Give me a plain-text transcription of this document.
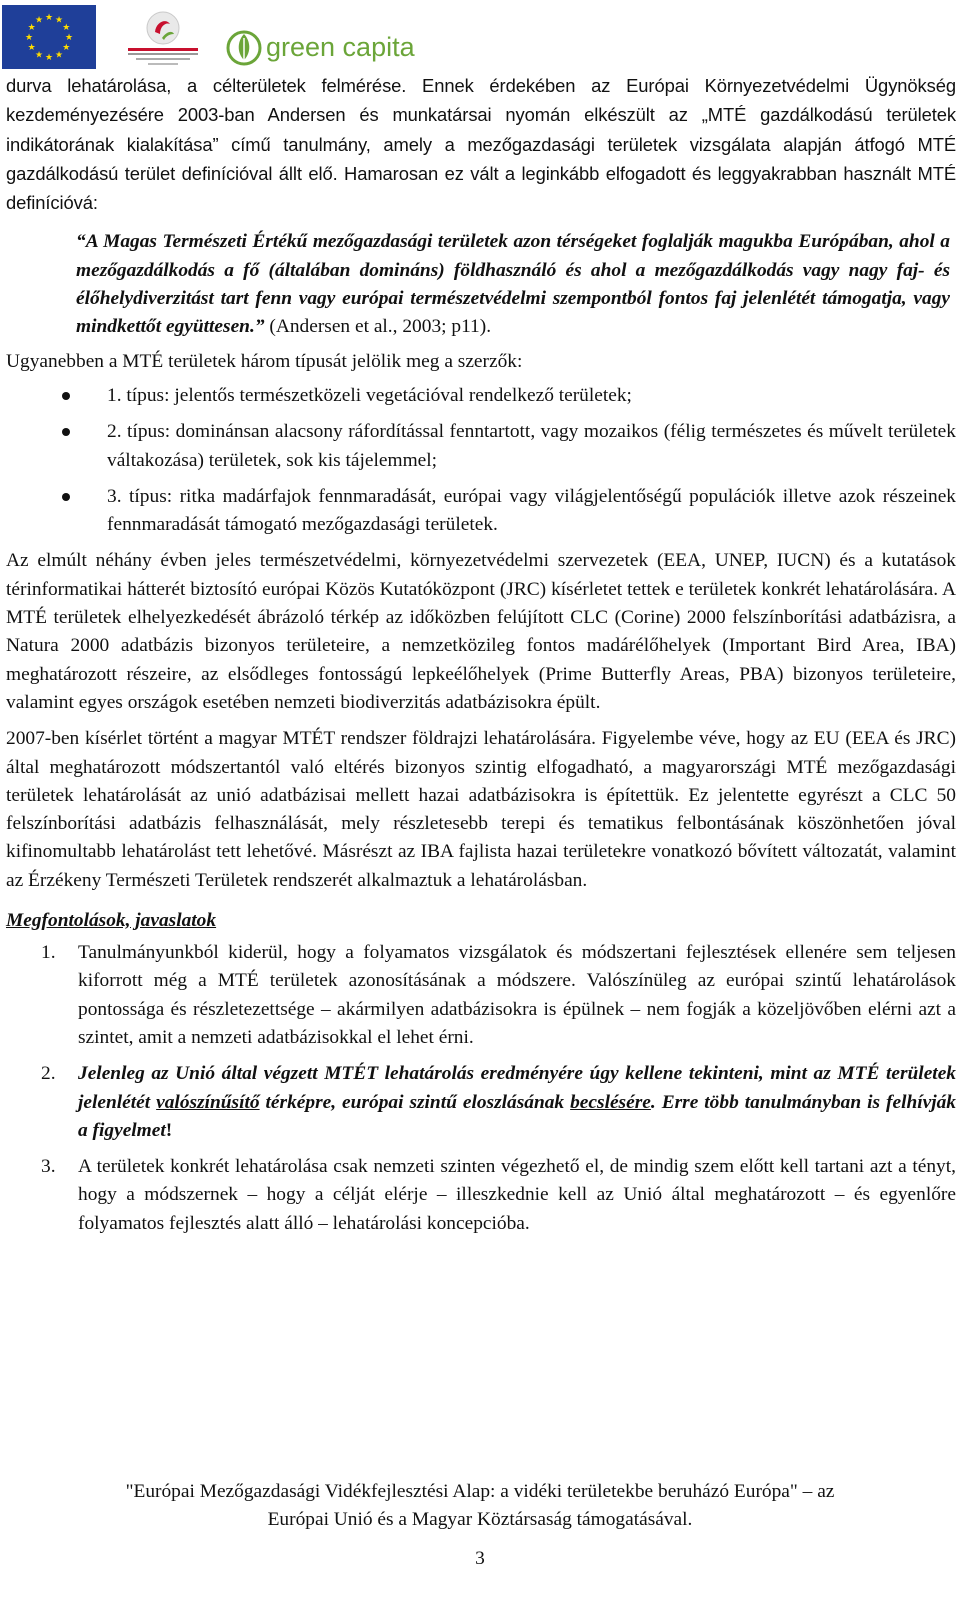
★
★
★
★
★
★
★
★
★ ★ ★
★
green capital

durva lehatárolása, a célterületek felmérése. Ennek érdekében az Európai Környezetvédelmi Ügynökség kezdeményezésére 2003-ban Andersen és munkatársai nyomán elkészült az „MTÉ gazdálkodású területek indikátorának kialakítása” című tanulmány, amely a mezőgazdasági területek vizsgálata alapján átfogó MTÉ gazdálkodású terület definícióval állt elő. Hamarosan ez vált a leginkább elfogadott és leggyakrabban használt MTÉ definícióvá:

“A Magas Természeti Értékű mezőgazdasági területek azon térségeket foglalják magukba Európában, ahol a mezőgazdálkodás a fő (általában domináns) földhasználó és ahol a mezőgazdálkodás vagy nagy faj- és élőhelydiverzitást tart fenn vagy európai természetvédelmi szempontból fontos faj jelenlétét támogatja, vagy mindkettőt együttesen.” (Andersen et al., 2003; p11).

Ugyanebben a MTÉ területek három típusát jelölik meg a szerzők:

1. típus: jelentős természetközeli vegetációval rendelkező területek;
2. típus: dominánsan alacsony ráfordítással fenntartott, vagy mozaikos (félig természetes és művelt területek váltakozása) területek, sok kis tájelemmel;
3. típus: ritka madárfajok fennmaradását, európai vagy világjelentőségű populációk illetve azok részeinek fennmaradását támogató mezőgazdasági területek.

Az elmúlt néhány évben jeles természetvédelmi, környezetvédelmi szervezetek (EEA, UNEP, IUCN) és a kutatások térinformatikai hátterét biztosító európai Közös Kutatóközpont (JRC) kísérletet tettek e területek konkrét lehatárolására. A MTÉ területek elhelyezkedését ábrázoló térkép az időközben felújított CLC (Corine) 2000 felszínborítási adatbázisra, a Natura 2000 adatbázis bizonyos területeire, a nemzetközileg fontos madárélőhelyek (Important Bird Area, IBA) meghatározott részeire, az elsődleges fontosságú lepkeélőhelyek (Prime Butterfly Areas, PBA) bizonyos területeire, valamint egyes országok esetében nemzeti biodiverzitás adatbázisokra épült.

2007-ben kísérlet történt a magyar MTÉT rendszer földrajzi lehatárolására. Figyelembe véve, hogy az EU (EEA és JRC) által meghatározott módszertantól való eltérés bizonyos szintig elfogadható, a magyarországi MTÉ mezőgazdasági területek lehatárolását az unió adatbázisai mellett hazai adatbázisokra is építettük. Ez jelentette egyrészt a CLC 50 felszínborítási adatbázis felhasználását, mely részletesebb terepi és tematikus felbontásának köszönhetően jóval kifinomultabb lehatárolást tett lehetővé. Másrészt az IBA fajlista hazai területekre vonatkozó bővített változatát, valamint az Érzékeny Természeti Területek rendszerét alkalmaztuk a lehatárolásban.

Megfontolások, javaslatok
1. Tanulmányunkból kiderül, hogy a folyamatos vizsgálatok és módszertani fejlesztések ellenére sem teljesen kiforrott még a MTÉ területek azonosításának a módszere. Valószínüleg az európai szintű lehatárolások pontossága és részletezettsége – akármilyen adatbázisokra is épülnek – nem fogják a közeljövőben elérni azt a szintet, amit a nemzeti adatbázisokkal el lehet érni.
2. Jelenleg az Unió által végzett MTÉT lehatárolás eredményére úgy kellene tekinteni, mint az MTÉ területek jelenlétét valószínűsítő térképre, európai szintű eloszlásának becslésére. Erre több tanulmányban is felhívják a figyelmet!
3. A területek konkrét lehatárolása csak nemzeti szinten végezhető el, de mindig szem előtt kell tartani azt a tényt, hogy a módszernek – hogy a célját elérje – illeszkednie kell az Unió által meghatározott – és egyenlőre folyamatos fejlesztés alatt álló – lehatárolási koncepcióba.
"Európai Mezőgazdasági Vidékfejlesztési Alap: a vidéki területekbe beruházó Európa" – az
Európai Unió és a Magyar Köztársaság támogatásával.
3
